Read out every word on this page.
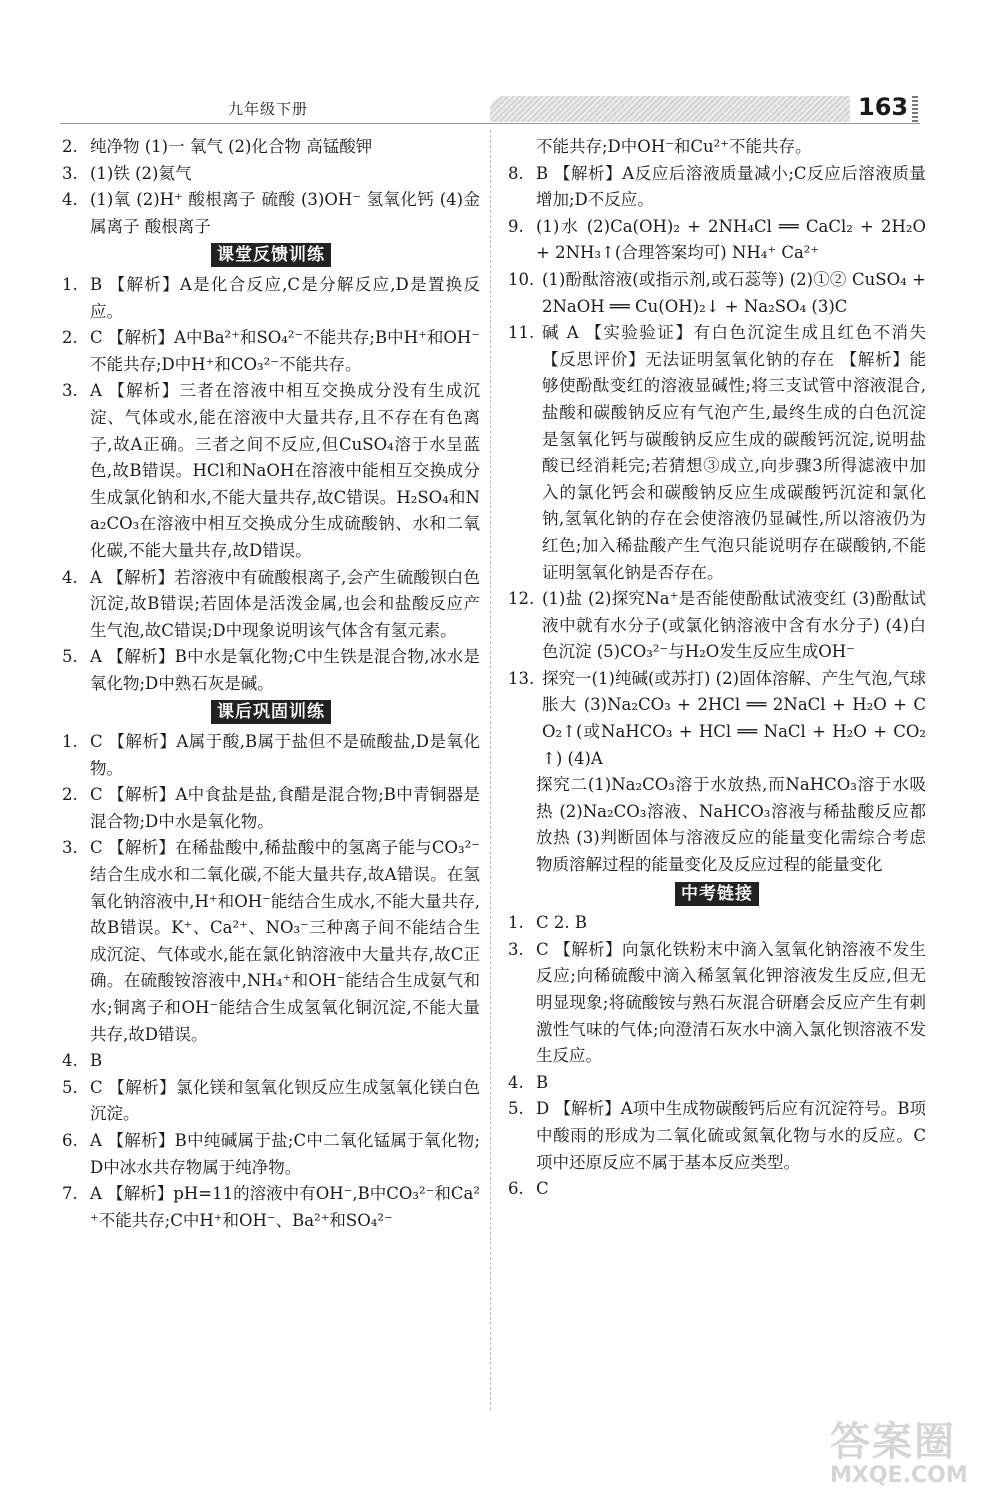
九年级下册	163
2. 纯净物 (1)一 氧气 (2)化合物 高锰酸钾
3. (1)铁 (2)氦气
4. (1)氧 (2)H⁺ 酸根离子 硫酸 (3)OH⁻ 氢氧化钙 (4)金属离子 酸根离子
课堂反馈训练
1. B 【解析】A是化合反应,C是分解反应,D是置换反应。
2. C 【解析】A中Ba²⁺和SO₄²⁻不能共存;B中H⁺和OH⁻不能共存;D中H⁺和CO₃²⁻不能共存。
3. A 【解析】三者在溶液中相互交换成分没有生成沉淀、气体或水,能在溶液中大量共存,且不存在有色离子,故A正确。三者之间不反应,但CuSO₄溶于水呈蓝色,故B错误。HCl和NaOH在溶液中能相互交换成分生成氯化钠和水,不能大量共存,故C错误。H₂SO₄和Na₂CO₃在溶液中相互交换成分生成硫酸钠、水和二氧化碳,不能大量共存,故D错误。
4. A 【解析】若溶液中有硫酸根离子,会产生硫酸钡白色沉淀,故B错误;若固体是活泼金属,也会和盐酸反应产生气泡,故C错误;D中现象说明该气体含有氢元素。
5. A 【解析】B中水是氧化物;C中生铁是混合物,冰水是氧化物;D中熟石灰是碱。
课后巩固训练
1. C 【解析】A属于酸,B属于盐但不是硫酸盐,D是氧化物。
2. C 【解析】A中食盐是盐,食醋是混合物;B中青铜器是混合物;D中水是氧化物。
3. C 【解析】在稀盐酸中,稀盐酸中的氢离子能与CO₃²⁻结合生成水和二氧化碳,不能大量共存,故A错误。在氢氧化钠溶液中,H⁺和OH⁻能结合生成水,不能大量共存,故B错误。K⁺、Ca²⁺、NO₃⁻三种离子间不能结合生成沉淀、气体或水,能在氯化钠溶液中大量共存,故C正确。在硫酸铵溶液中,NH₄⁺和OH⁻能结合生成氨气和水;铜离子和OH⁻能结合生成氢氧化铜沉淀,不能大量共存,故D错误。
4. B
5. C 【解析】氯化镁和氢氧化钡反应生成氢氧化镁白色沉淀。
6. A 【解析】B中纯碱属于盐;C中二氧化锰属于氧化物;D中冰水共存物属于纯净物。
7. A 【解析】pH=11的溶液中有OH⁻,B中CO₃²⁻和Ca²⁺不能共存;C中H⁺和OH⁻、Ba²⁺和SO₄²⁻
不能共存;D中OH⁻和Cu²⁺不能共存。
8. B 【解析】A反应后溶液质量减小;C反应后溶液质量增加;D不反应。
9. (1)水 (2)Ca(OH)₂ + 2NH₄Cl ══ CaCl₂ + 2H₂O + 2NH₃↑(合理答案均可) NH₄⁺ Ca²⁺
10. (1)酚酞溶液(或指示剂,或石蕊等) (2)①② CuSO₄ + 2NaOH ══ Cu(OH)₂↓ + Na₂SO₄ (3)C
11. 碱 A 【实验验证】有白色沉淀生成且红色不消失 【反思评价】无法证明氢氧化钠的存在 【解析】能够使酚酞变红的溶液显碱性;将三支试管中溶液混合,盐酸和碳酸钠反应有气泡产生,最终生成的白色沉淀是氢氧化钙与碳酸钠反应生成的碳酸钙沉淀,说明盐酸已经消耗完;若猜想③成立,向步骤3所得滤液中加入的氯化钙会和碳酸钠反应生成碳酸钙沉淀和氯化钠,氢氧化钠的存在会使溶液仍显碱性,所以溶液仍为红色;加入稀盐酸产生气泡只能说明存在碳酸钠,不能证明氢氧化钠是否存在。
12. (1)盐 (2)探究Na⁺是否能使酚酞试液变红 (3)酚酞试液中就有水分子(或氯化钠溶液中含有水分子) (4)白色沉淀 (5)CO₃²⁻与H₂O发生反应生成OH⁻
13. 探究一(1)纯碱(或苏打) (2)固体溶解、产生气泡,气球胀大 (3)Na₂CO₃ + 2HCl ══ 2NaCl + H₂O + CO₂↑(或NaHCO₃ + HCl ══ NaCl + H₂O + CO₂↑) (4)A
探究二(1)Na₂CO₃溶于水放热,而NaHCO₃溶于水吸热 (2)Na₂CO₃溶液、NaHCO₃溶液与稀盐酸反应都放热 (3)判断固体与溶液反应的能量变化需综合考虑物质溶解过程的能量变化及反应过程的能量变化
中考链接
1. C 2. B
3. C 【解析】向氯化铁粉末中滴入氢氧化钠溶液不发生反应;向稀硫酸中滴入稀氢氧化钾溶液发生反应,但无明显现象;将硫酸铵与熟石灰混合研磨会反应产生有刺激性气味的气体;向澄清石灰水中滴入氯化钡溶液不发生反应。
4. B
5. D 【解析】A项中生成物碳酸钙后应有沉淀符号。B项中酸雨的形成为二氧化硫或氮氧化物与水的反应。C项中还原反应不属于基本反应类型。
6. C
答案圈
MXQE.COM
